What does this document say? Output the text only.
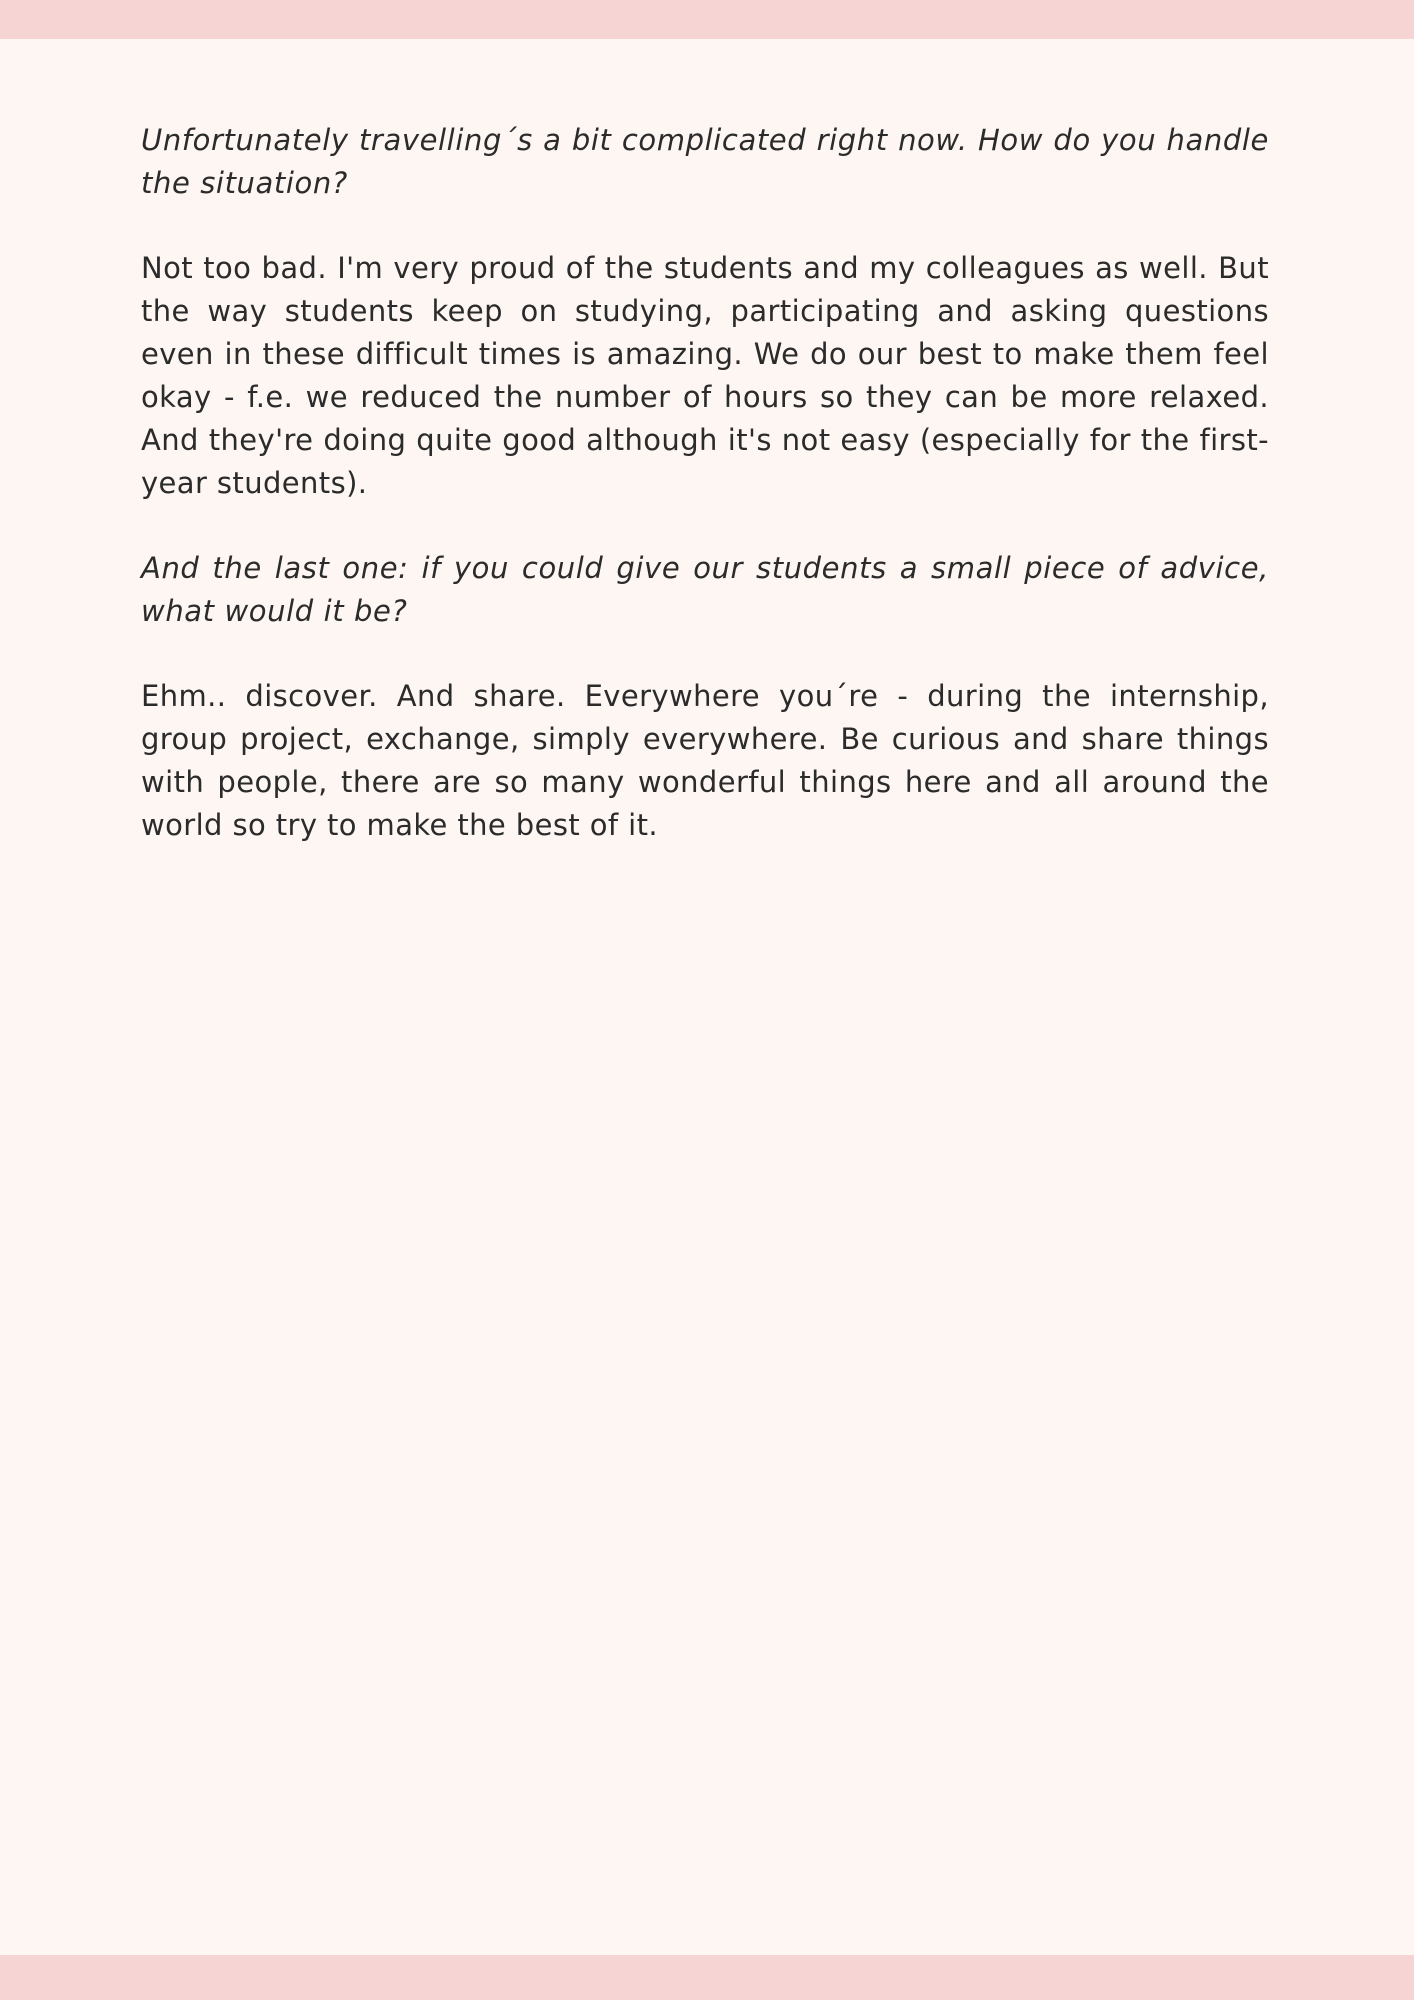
Unfortunately travelling´s a bit complicated right now. How do you handle the situation?

Not too bad. I'm very proud of the students and my colleagues as well. But the way students keep on studying, participating and asking questions even in these difficult times is amazing. We do our best to make them feel okay - f.e. we reduced the number of hours so they can be more relaxed. And they're doing quite good although it's not easy (especially for the first-year students).

And the last one: if you could give our students a small piece of advice, what would it be?

Ehm.. discover. And share. Everywhere you´re - during the internship, group project, exchange, simply everywhere. Be curious and share things with people, there are so many wonderful things here and all around the world so try to make the best of it.
